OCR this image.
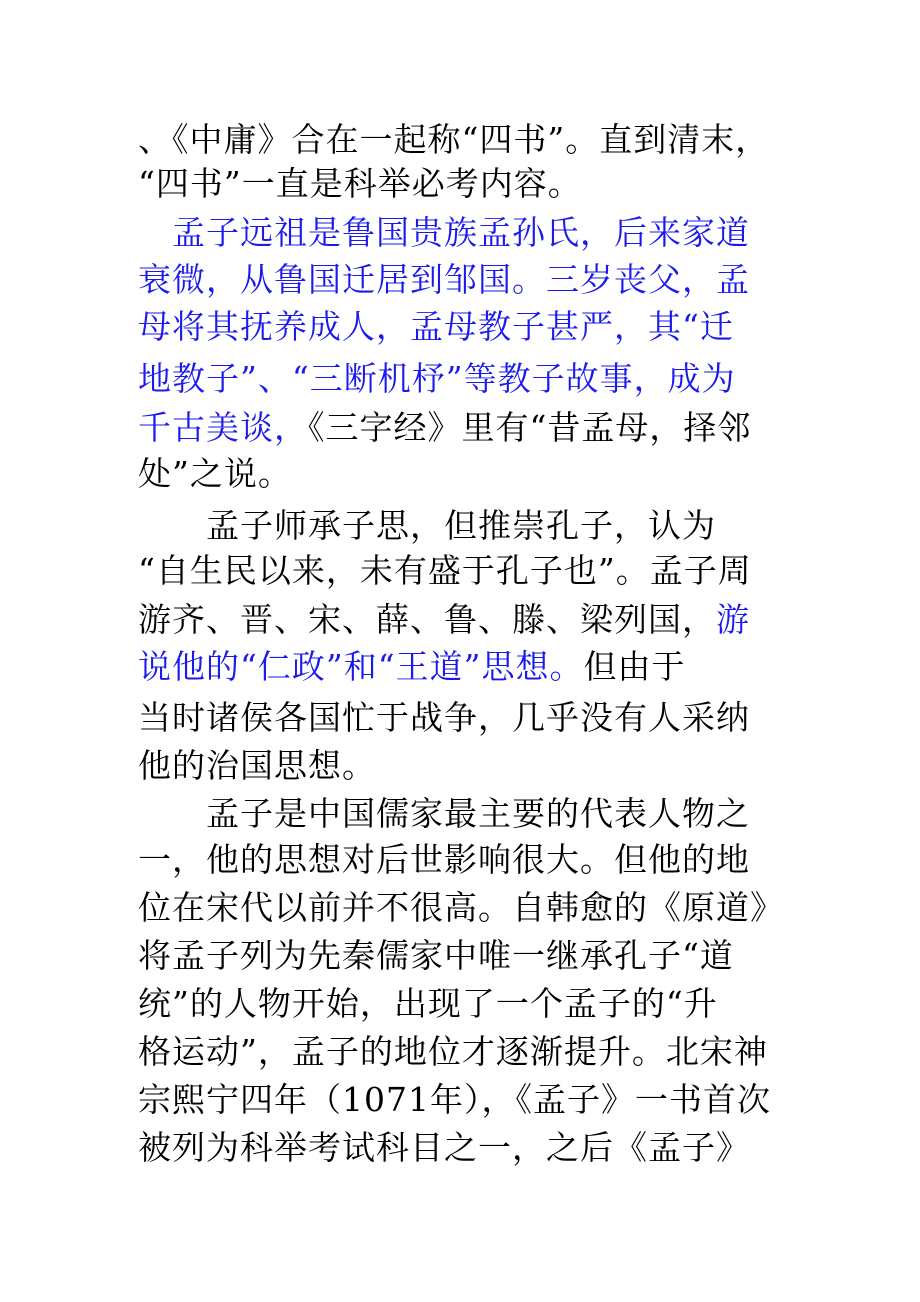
、《中庸》合在一起称“四书”。直到清末，
“四书”一直是科举必考内容。
　孟子远祖是鲁国贵族孟孙氏，后来家道
衰微，从鲁国迁居到邹国。三岁丧父，孟
母将其抚养成人，孟母教子甚严，其“迁
地教子”、“三断机杼”等教子故事，成为
千古美谈，《三字经》里有“昔孟母，择邻
处”之说。
　　孟子师承子思，但推崇孔子，认为
“自生民以来，未有盛于孔子也”。孟子周
游齐、晋、宋、薛、鲁、滕、梁列国，游
说他的“仁政”和“王道”思想。但由于
当时诸侯各国忙于战争，几乎没有人采纳
他的治国思想。
　　孟子是中国儒家最主要的代表人物之
一，他的思想对后世影响很大。但他的地
位在宋代以前并不很高。自韩愈的《原道》
将孟子列为先秦儒家中唯一继承孔子“道
统”的人物开始，出现了一个孟子的“升
格运动”，孟子的地位才逐渐提升。北宋神
宗熙宁四年（1071年），《孟子》一书首次
被列为科举考试科目之一，之后《孟子》
